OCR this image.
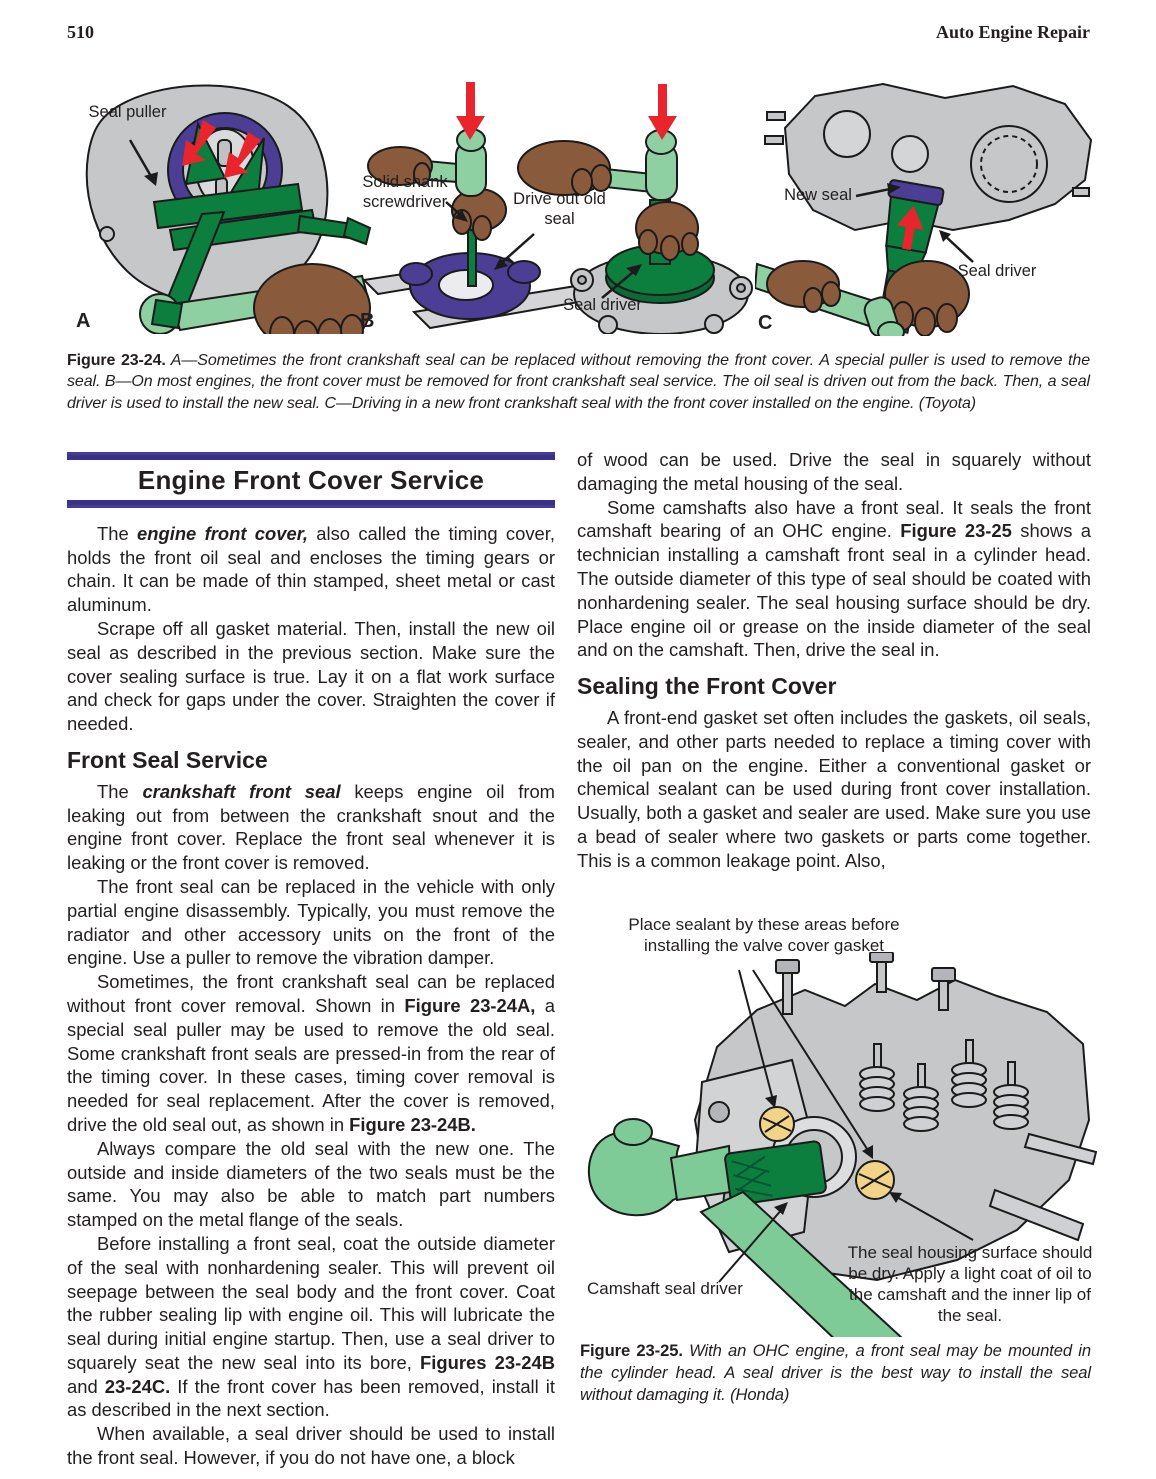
510	Auto Engine Repair
Seal puller
Solid shank screwdriver	Drive out old seal
Seal driver
New seal
Seal driver
A	B	C
Figure 23-24. A—Sometimes the front crankshaft seal can be replaced without removing the front cover. A special puller is used to remove the seal. B—On most engines, the front cover must be removed for front crankshaft seal service. The oil seal is driven out from the back. Then, a seal driver is used to install the new seal. C—Driving in a new front crankshaft seal with the front cover installed on the engine. (Toyota)
Engine Front Cover Service

The engine front cover, also called the timing cover, holds the front oil seal and encloses the timing gears or chain. It can be made of thin stamped, sheet metal or cast aluminum.

Scrape off all gasket material. Then, install the new oil seal as described in the previous section. Make sure the cover sealing surface is true. Lay it on a flat work surface and check for gaps under the cover. Straighten the cover if needed.

Front Seal Service

The crankshaft front seal keeps engine oil from leaking out from between the crankshaft snout and the engine front cover. Replace the front seal whenever it is leaking or the front cover is removed.

The front seal can be replaced in the vehicle with only partial engine disassembly. Typically, you must remove the radiator and other accessory units on the front of the engine. Use a puller to remove the vibration damper.

Sometimes, the front crankshaft seal can be replaced without front cover removal. Shown in Figure 23-24A, a special seal puller may be used to remove the old seal. Some crankshaft front seals are pressed-in from the rear of the timing cover. In these cases, timing cover removal is needed for seal replacement. After the cover is removed, drive the old seal out, as shown in Figure 23-24B.

Always compare the old seal with the new one. The outside and inside diameters of the two seals must be the same. You may also be able to match part numbers stamped on the metal flange of the seals.

Before installing a front seal, coat the outside diameter of the seal with nonhardening sealer. This will prevent oil seepage between the seal body and the front cover. Coat the rubber sealing lip with engine oil. This will lubricate the seal during initial engine startup. Then, use a seal driver to squarely seat the new seal into its bore, Figures 23-24B and 23-24C. If the front cover has been removed, install it as described in the next section.

When available, a seal driver should be used to install the front seal. However, if you do not have one, a block

of wood can be used. Drive the seal in squarely without damaging the metal housing of the seal.

Some camshafts also have a front seal. It seals the front camshaft bearing of an OHC engine. Figure 23-25 shows a technician installing a camshaft front seal in a cylinder head. The outside diameter of this type of seal should be coated with nonhardening sealer. The seal housing surface should be dry. Place engine oil or grease on the inside diameter of the seal and on the camshaft. Then, drive the seal in.

Sealing the Front Cover

A front-end gasket set often includes the gaskets, oil seals, sealer, and other parts needed to replace a timing cover with the oil pan on the engine. Either a conventional gasket or chemical sealant can be used during front cover installation. Usually, both a gasket and sealer are used. Make sure you use a bead of sealer where two gaskets or parts come together. This is a common leakage point. Also,

Place sealant by these areas before installing the valve cover gasket
Camshaft seal driver
The seal housing surface should be dry. Apply a light coat of oil to the camshaft and the inner lip of the seal.
Figure 23-25. With an OHC engine, a front seal may be mounted in the cylinder head. A seal driver is the best way to install the seal without damaging it. (Honda)
